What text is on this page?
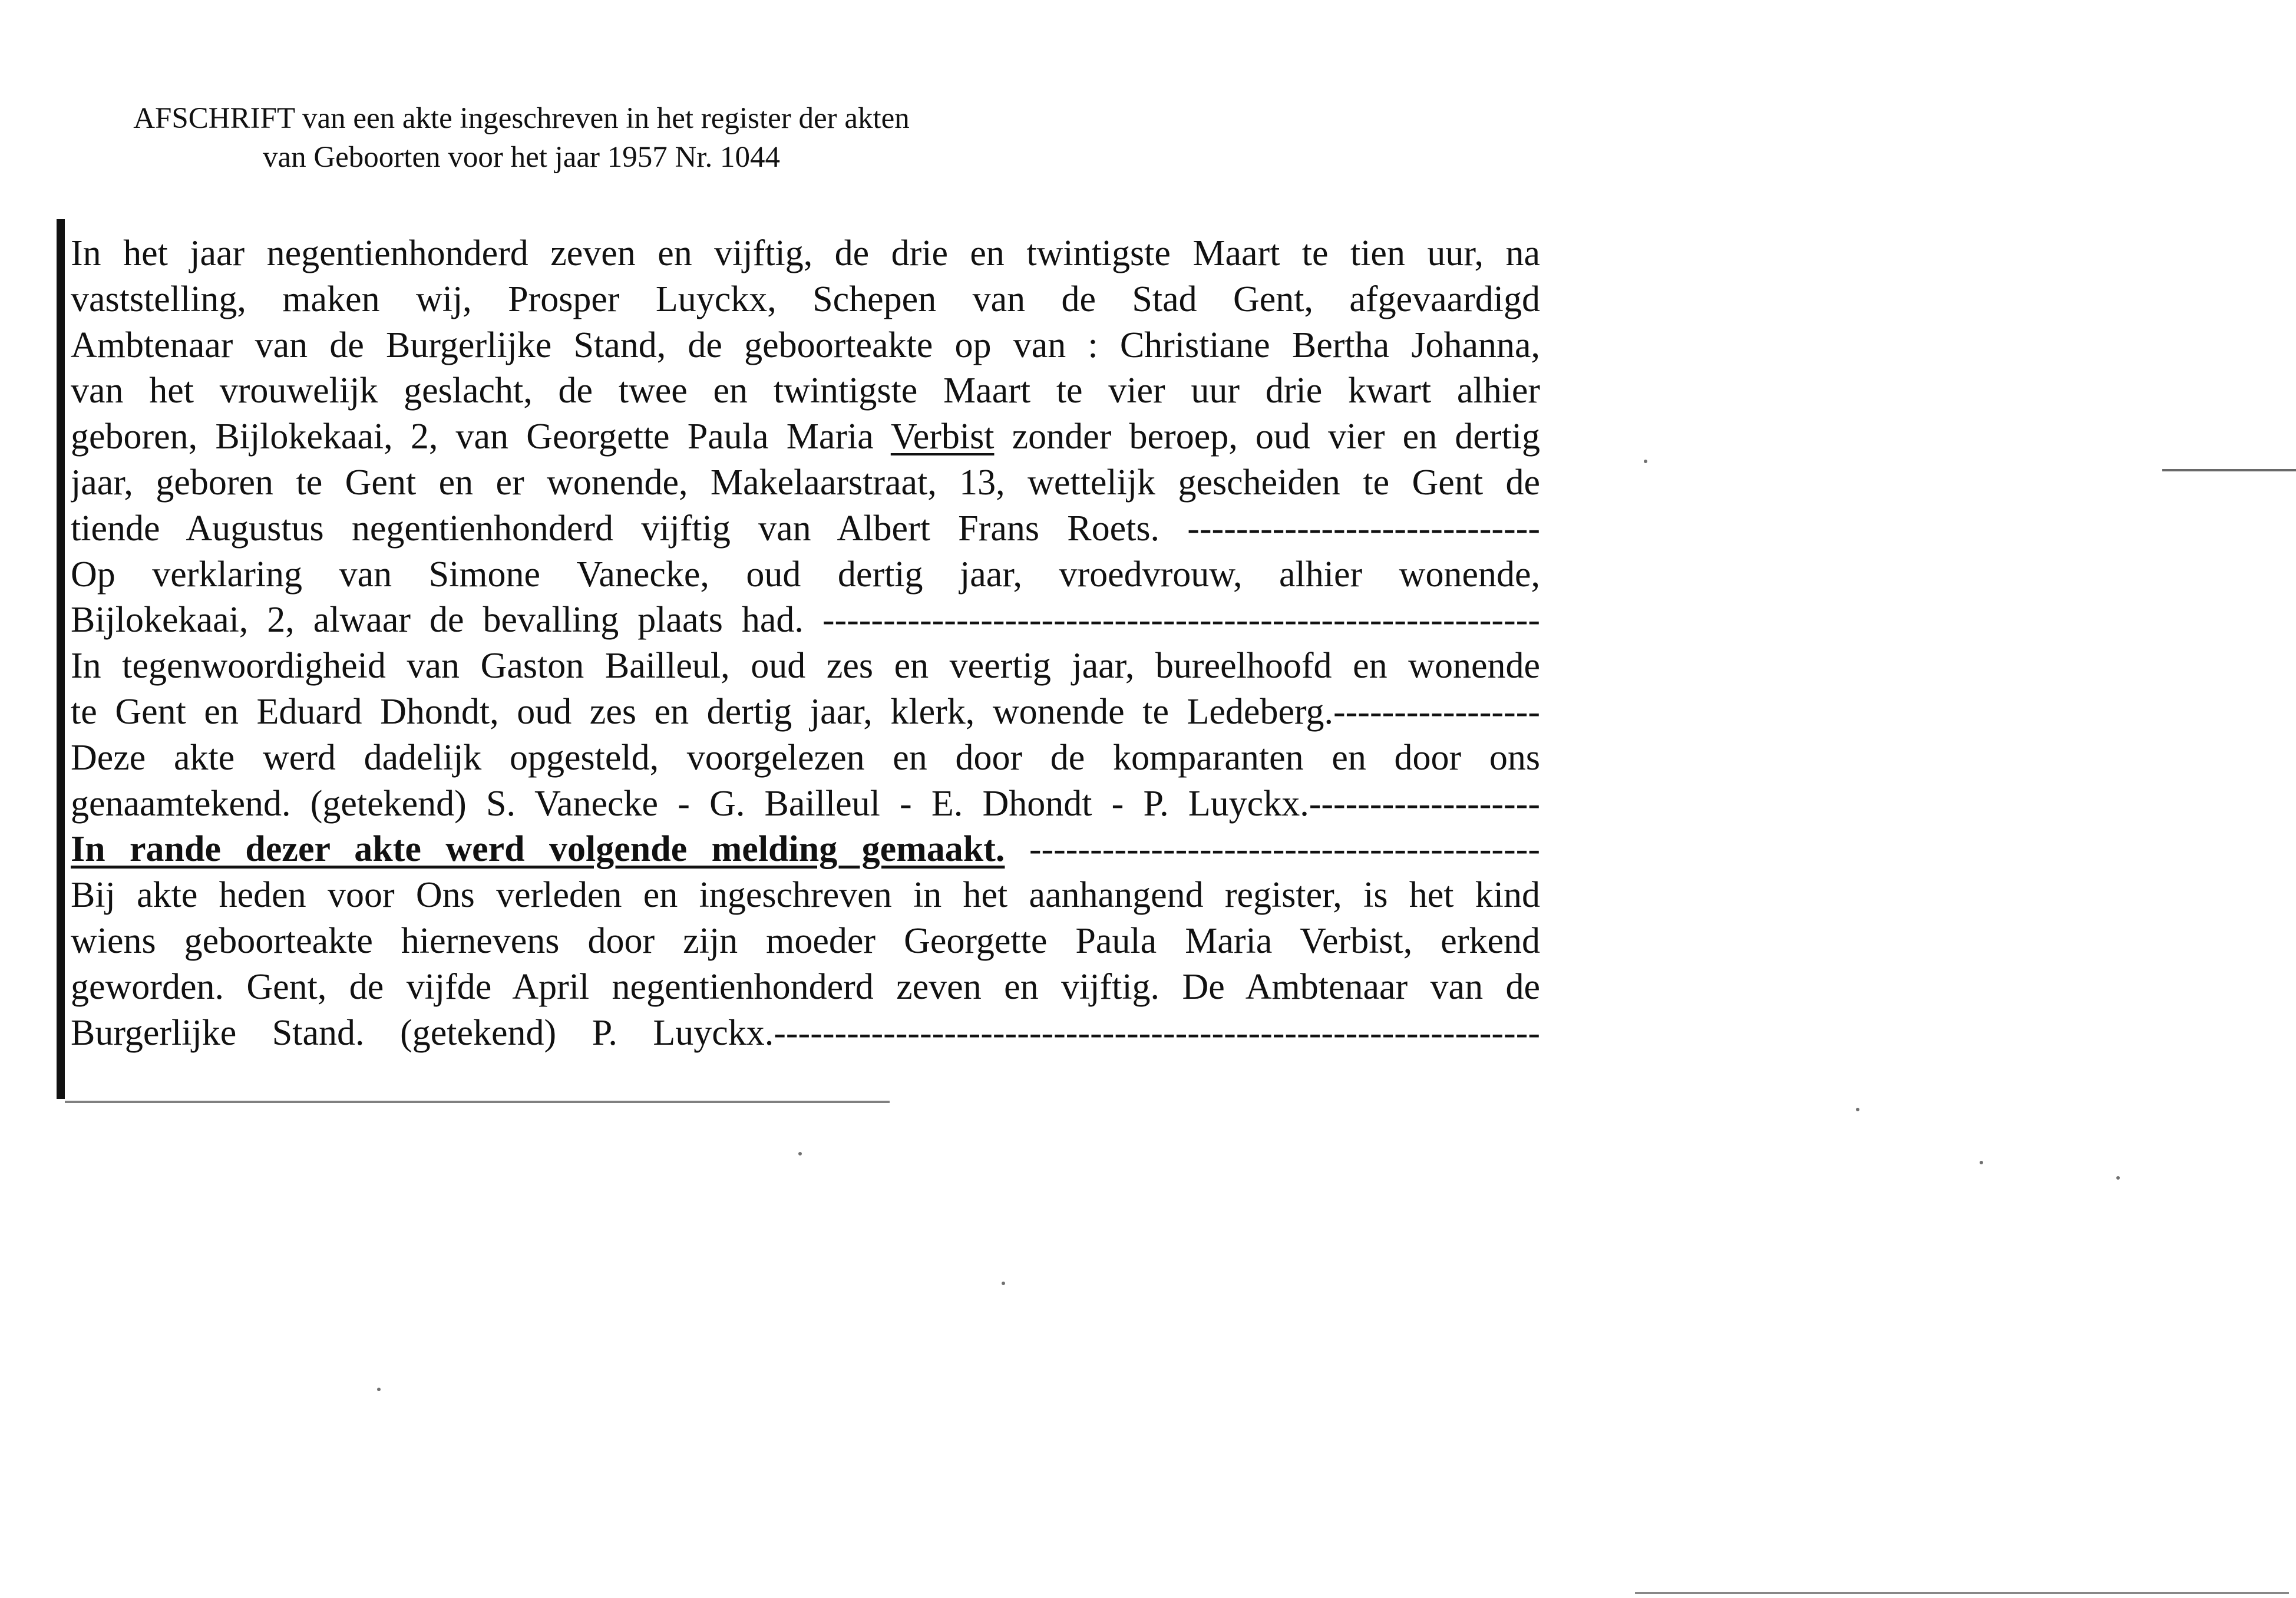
AFSCHRIFT van een akte ingeschreven in het register der akten
van Geboorten voor het jaar 1957 Nr. 1044
In het jaar negentienhonderd zeven en vijftig, de drie en twintigste Maart te tien uur, na
vaststelling, maken wij, Prosper Luyckx, Schepen van de Stad Gent, afgevaardigd
Ambtenaar van de Burgerlijke Stand, de geboorteakte op van : Christiane Bertha Johanna,
van het vrouwelijk geslacht, de twee en twintigste Maart te vier uur drie kwart alhier
geboren, Bijlokekaai, 2, van Georgette Paula Maria Verbist zonder beroep, oud vier en dertig
jaar, geboren te Gent en er wonende, Makelaarstraat, 13, wettelijk gescheiden te Gent de
tiende Augustus negentienhonderd vijftig van Albert Frans Roets. -----------------------------
Op verklaring van Simone Vanecke, oud dertig jaar, vroedvrouw, alhier wonende,
Bijlokekaai, 2, alwaar de bevalling plaats had. -----------------------------------------------------------
In tegenwoordigheid van Gaston Bailleul, oud zes en veertig jaar, bureelhoofd en wonende
te Gent en Eduard Dhondt, oud zes en dertig jaar, klerk, wonende te Ledeberg.-----------------
Deze akte werd dadelijk opgesteld, voorgelezen en door de komparanten en door ons
genaamtekend. (getekend) S. Vanecke - G. Bailleul - E. Dhondt - P. Luyckx.-------------------
In rande dezer akte werd volgende melding gemaakt. ------------------------------------------
Bij akte heden voor Ons verleden en ingeschreven in het aanhangend register, is het kind
wiens geboorteakte hiernevens door zijn moeder Georgette Paula Maria Verbist, erkend
geworden. Gent, de vijfde April negentienhonderd zeven en vijftig. De Ambtenaar van de
Burgerlijke Stand. (getekend) P. Luyckx.---------------------------------------------------------------
